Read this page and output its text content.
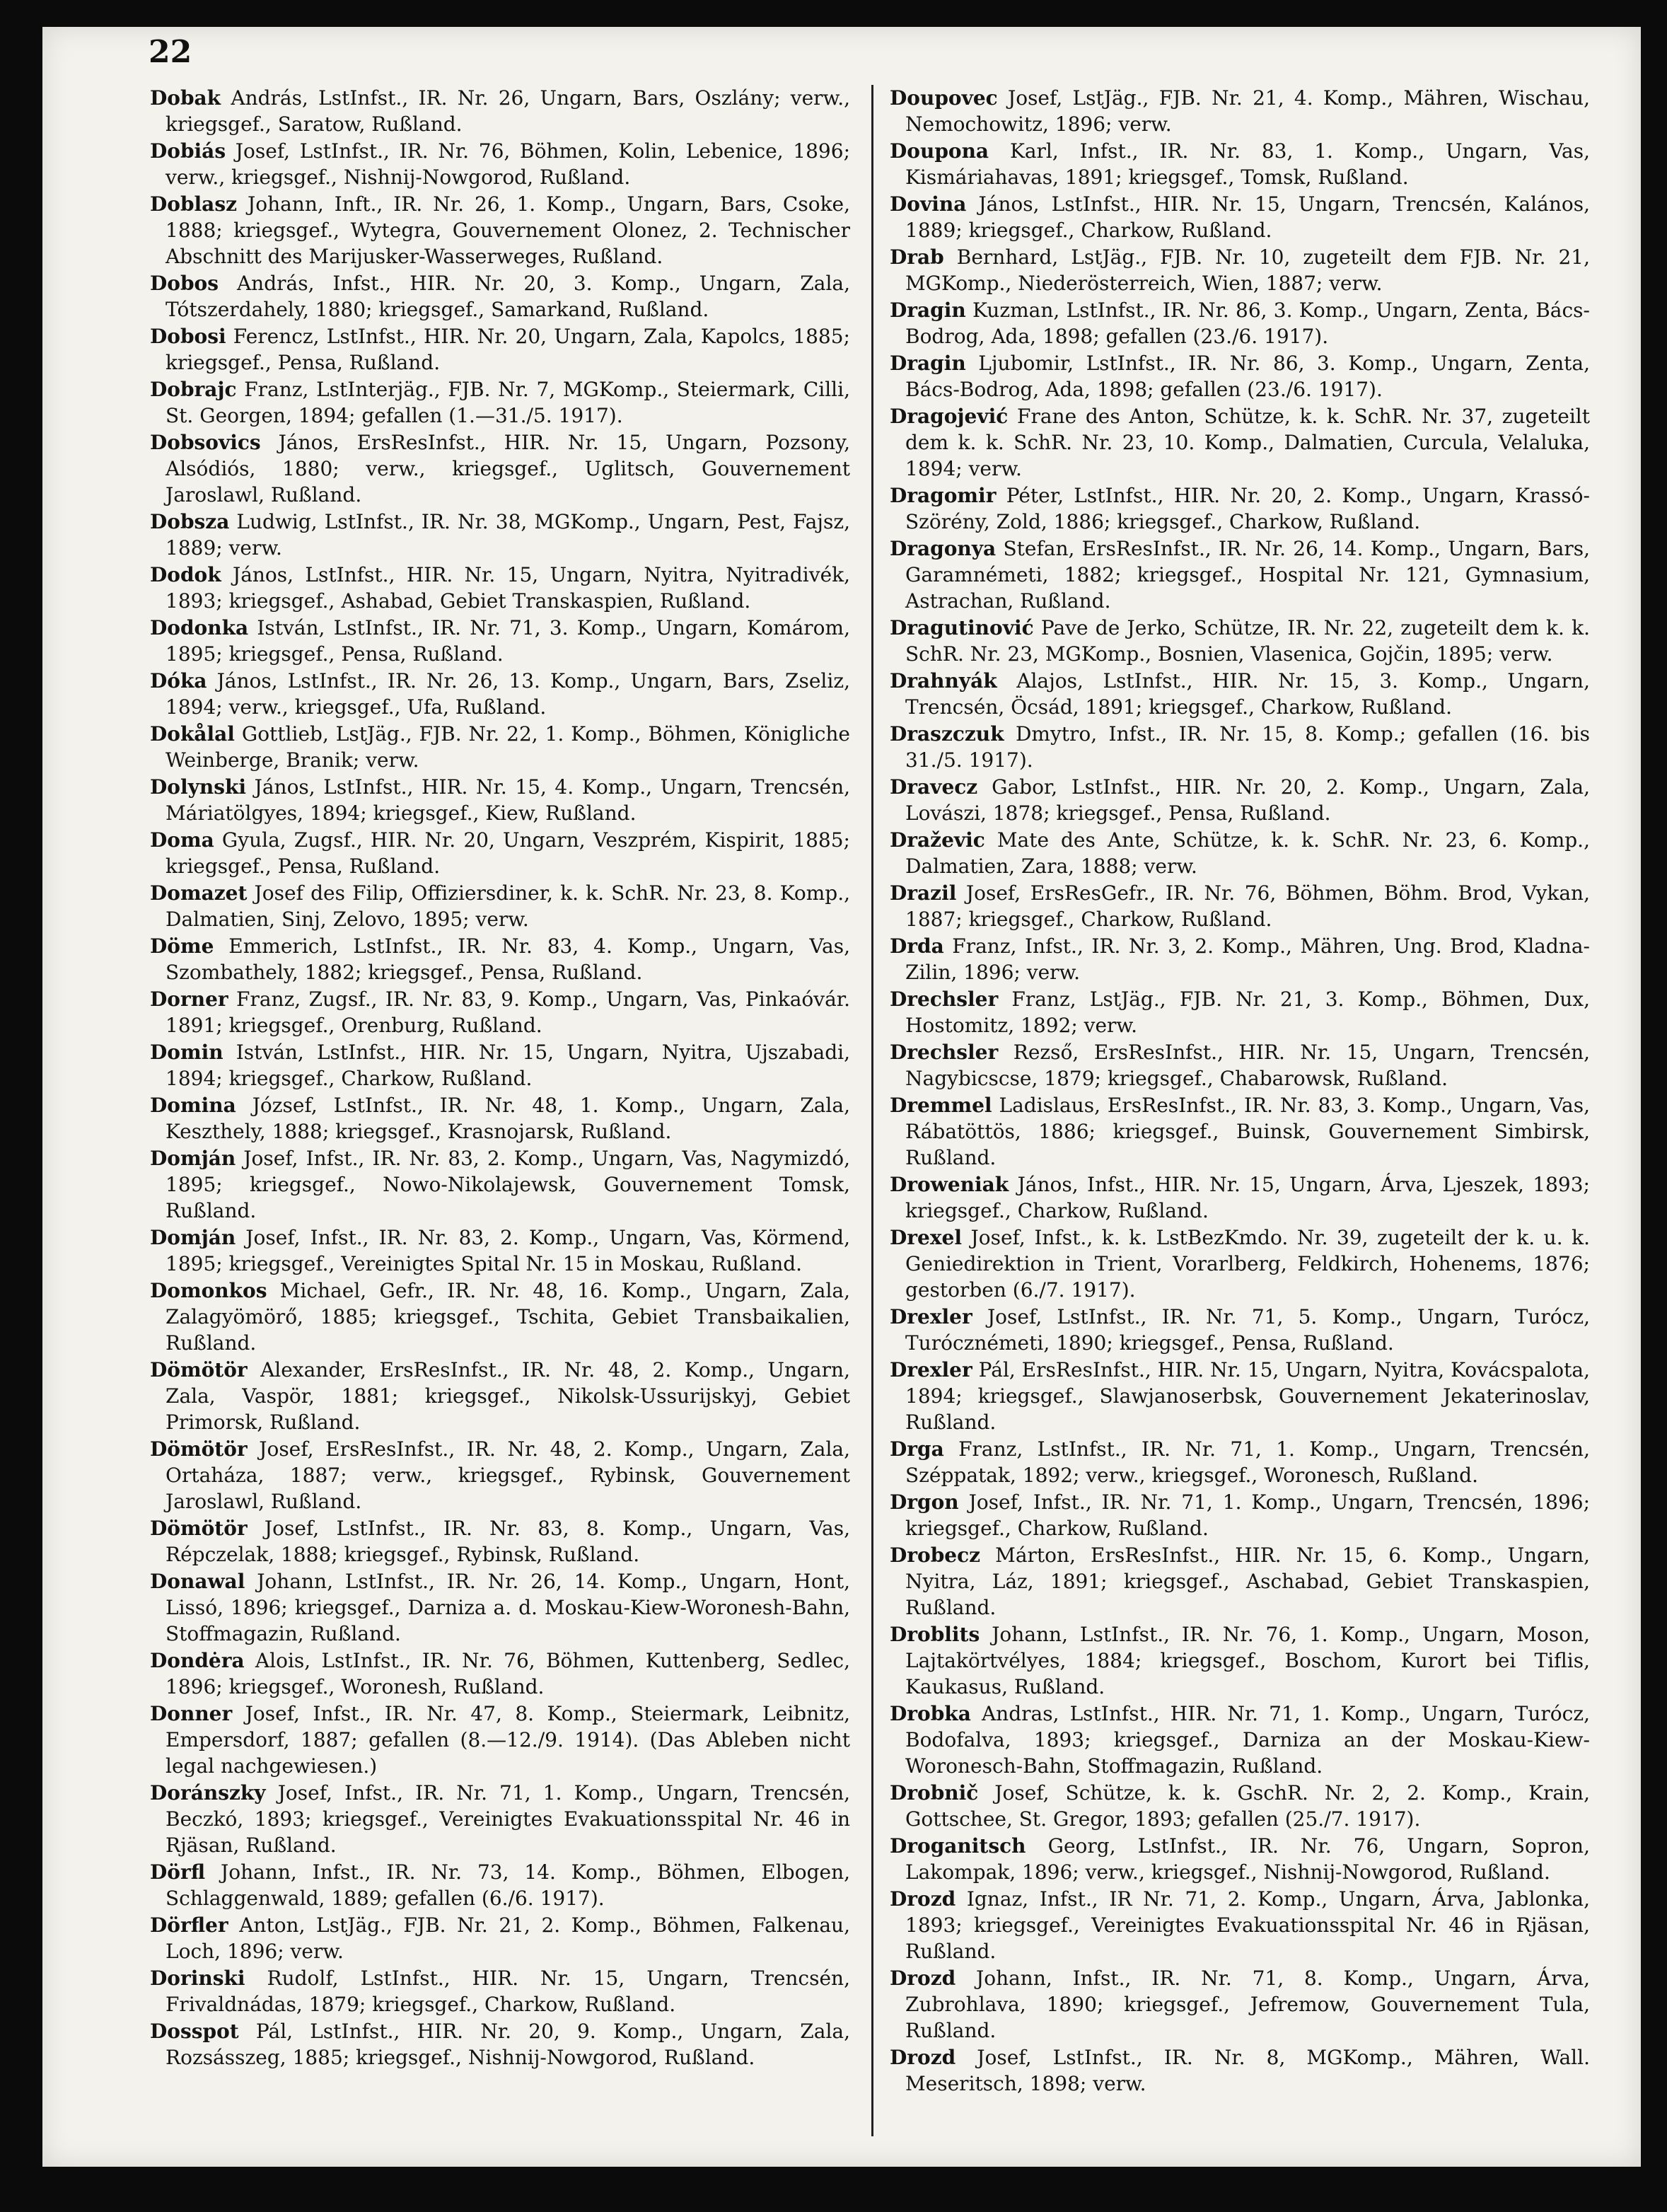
22
Dobak András, LstInfst., IR. Nr. 26, Ungarn, Bars, Oszlány; verw., kriegsgef., Saratow, Rußland.
Dobiás Josef, LstInfst., IR. Nr. 76, Böhmen, Kolin, Lebenice, 1896; verw., kriegsgef., Nishnij-Nowgorod, Rußland.
Doblasz Johann, Inft., IR. Nr. 26, 1. Komp., Ungarn, Bars, Csoke, 1888; kriegsgef., Wytegra, Gouvernement Olonez, 2. Technischer Abschnitt des Marijusker-Wasserweges, Rußland.
Dobos András, Infst., HIR. Nr. 20, 3. Komp., Ungarn, Zala, Tótszerdahely, 1880; kriegsgef., Samarkand, Rußland.
Dobosi Ferencz, LstInfst., HIR. Nr. 20, Ungarn, Zala, Kapolcs, 1885; kriegsgef., Pensa, Rußland.
Dobrajc Franz, LstInterjäg., FJB. Nr. 7, MGKomp., Steiermark, Cilli, St. Georgen, 1894; gefallen (1.—31./5. 1917).
Dobsovics János, ErsResInfst., HIR. Nr. 15, Ungarn, Pozsony, Alsódiós, 1880; verw., kriegsgef., Uglitsch, Gouvernement Jaroslawl, Rußland.
Dobsza Ludwig, LstInfst., IR. Nr. 38, MGKomp., Ungarn, Pest, Fajsz, 1889; verw.
Dodok János, LstInfst., HIR. Nr. 15, Ungarn, Nyitra, Nyitradivék, 1893; kriegsgef., Ashabad, Gebiet Transkaspien, Rußland.
Dodonka István, LstInfst., IR. Nr. 71, 3. Komp., Ungarn, Komárom, 1895; kriegsgef., Pensa, Rußland.
Dóka János, LstInfst., IR. Nr. 26, 13. Komp., Ungarn, Bars, Zseliz, 1894; verw., kriegsgef., Ufa, Rußland.
Dokålal Gottlieb, LstJäg., FJB. Nr. 22, 1. Komp., Böhmen, Königliche Weinberge, Branik; verw.
Dolynski János, LstInfst., HIR. Nr. 15, 4. Komp., Ungarn, Trencsén, Máriatölgyes, 1894; kriegsgef., Kiew, Rußland.
Doma Gyula, Zugsf., HIR. Nr. 20, Ungarn, Veszprém, Kispirit, 1885; kriegsgef., Pensa, Rußland.
Domazet Josef des Filip, Offiziersdiner, k. k. SchR. Nr. 23, 8. Komp., Dalmatien, Sinj, Zelovo, 1895; verw.
Döme Emmerich, LstInfst., IR. Nr. 83, 4. Komp., Ungarn, Vas, Szombathely, 1882; kriegsgef., Pensa, Rußland.
Dorner Franz, Zugsf., IR. Nr. 83, 9. Komp., Ungarn, Vas, Pinkaóvár. 1891; kriegsgef., Orenburg, Rußland.
Domin István, LstInfst., HIR. Nr. 15, Ungarn, Nyitra, Ujszabadi, 1894; kriegsgef., Charkow, Rußland.
Domina József, LstInfst., IR. Nr. 48, 1. Komp., Ungarn, Zala, Keszthely, 1888; kriegsgef., Krasnojarsk, Rußland.
Domján Josef, Infst., IR. Nr. 83, 2. Komp., Ungarn, Vas, Nagymizdó, 1895; kriegsgef., Nowo-Nikolajewsk, Gouvernement Tomsk, Rußland.
Domján Josef, Infst., IR. Nr. 83, 2. Komp., Ungarn, Vas, Körmend, 1895; kriegsgef., Vereinigtes Spital Nr. 15 in Moskau, Rußland.
Domonkos Michael, Gefr., IR. Nr. 48, 16. Komp., Ungarn, Zala, Zalagyömörő, 1885; kriegsgef., Tschita, Gebiet Transbaikalien, Rußland.
Dömötör Alexander, ErsResInfst., IR. Nr. 48, 2. Komp., Ungarn, Zala, Vaspör, 1881; kriegsgef., Nikolsk-Ussurijskyj, Gebiet Primorsk, Rußland.
Dömötör Josef, ErsResInfst., IR. Nr. 48, 2. Komp., Ungarn, Zala, Ortaháza, 1887; verw., kriegsgef., Rybinsk, Gouvernement Jaroslawl, Rußland.
Dömötör Josef, LstInfst., IR. Nr. 83, 8. Komp., Ungarn, Vas, Répczelak, 1888; kriegsgef., Rybinsk, Rußland.
Donawal Johann, LstInfst., IR. Nr. 26, 14. Komp., Ungarn, Hont, Lissó, 1896; kriegsgef., Darniza a. d. Moskau-Kiew-Woronesh-Bahn, Stoffmagazin, Rußland.
Dondėra Alois, LstInfst., IR. Nr. 76, Böhmen, Kuttenberg, Sedlec, 1896; kriegsgef., Woronesh, Rußland.
Donner Josef, Infst., IR. Nr. 47, 8. Komp., Steiermark, Leibnitz, Empersdorf, 1887; gefallen (8.—12./9. 1914). (Das Ableben nicht legal nachgewiesen.)
Doránszky Josef, Infst., IR. Nr. 71, 1. Komp., Ungarn, Trencsén, Beczkó, 1893; kriegsgef., Vereinigtes Evakuationsspital Nr. 46 in Rjäsan, Rußland.
Dörfl Johann, Infst., IR. Nr. 73, 14. Komp., Böhmen, Elbogen, Schlaggenwald, 1889; gefallen (6./6. 1917).
Dörfler Anton, LstJäg., FJB. Nr. 21, 2. Komp., Böhmen, Falkenau, Loch, 1896; verw.
Dorinski Rudolf, LstInfst., HIR. Nr. 15, Ungarn, Trencsén, Frivaldnádas, 1879; kriegsgef., Charkow, Rußland.
Dosspot Pál, LstInfst., HIR. Nr. 20, 9. Komp., Ungarn, Zala, Rozsásszeg, 1885; kriegsgef., Nishnij-Nowgorod, Rußland.
Doupovec Josef, LstJäg., FJB. Nr. 21, 4. Komp., Mähren, Wischau, Nemochowitz, 1896; verw.
Doupona Karl, Infst., IR. Nr. 83, 1. Komp., Ungarn, Vas, Kismáriahavas, 1891; kriegsgef., Tomsk, Rußland.
Dovina János, LstInfst., HIR. Nr. 15, Ungarn, Trencsén, Kalános, 1889; kriegsgef., Charkow, Rußland.
Drab Bernhard, LstJäg., FJB. Nr. 10, zugeteilt dem FJB. Nr. 21, MGKomp., Niederösterreich, Wien, 1887; verw.
Dragin Kuzman, LstInfst., IR. Nr. 86, 3. Komp., Ungarn, Zenta, Bács-Bodrog, Ada, 1898; gefallen (23./6. 1917).
Dragin Ljubomir, LstInfst., IR. Nr. 86, 3. Komp., Ungarn, Zenta, Bács-Bodrog, Ada, 1898; gefallen (23./6. 1917).
Dragojević Frane des Anton, Schütze, k. k. SchR. Nr. 37, zugeteilt dem k. k. SchR. Nr. 23, 10. Komp., Dalmatien, Curcula, Velaluka, 1894; verw.
Dragomir Péter, LstInfst., HIR. Nr. 20, 2. Komp., Ungarn, Krassó-Szörény, Zold, 1886; kriegsgef., Charkow, Rußland.
Dragonya Stefan, ErsResInfst., IR. Nr. 26, 14. Komp., Ungarn, Bars, Garamnémeti, 1882; kriegsgef., Hospital Nr. 121, Gymnasium, Astrachan, Rußland.
Dragutinović Pave de Jerko, Schütze, IR. Nr. 22, zugeteilt dem k. k. SchR. Nr. 23, MGKomp., Bosnien, Vlasenica, Gojčin, 1895; verw.
Drahnyák Alajos, LstInfst., HIR. Nr. 15, 3. Komp., Ungarn, Trencsén, Öcsád, 1891; kriegsgef., Charkow, Rußland.
Draszczuk Dmytro, Infst., IR. Nr. 15, 8. Komp.; gefallen (16. bis 31./5. 1917).
Dravecz Gabor, LstInfst., HIR. Nr. 20, 2. Komp., Ungarn, Zala, Lovászi, 1878; kriegsgef., Pensa, Rußland.
Draževic Mate des Ante, Schütze, k. k. SchR. Nr. 23, 6. Komp., Dalmatien, Zara, 1888; verw.
Drazil Josef, ErsResGefr., IR. Nr. 76, Böhmen, Böhm. Brod, Vykan, 1887; kriegsgef., Charkow, Rußland.
Drda Franz, Infst., IR. Nr. 3, 2. Komp., Mähren, Ung. Brod, Kladna-Zilin, 1896; verw.
Drechsler Franz, LstJäg., FJB. Nr. 21, 3. Komp., Böhmen, Dux, Hostomitz, 1892; verw.
Drechsler Rezső, ErsResInfst., HIR. Nr. 15, Ungarn, Trencsén, Nagybicscse, 1879; kriegsgef., Chabarowsk, Rußland.
Dremmel Ladislaus, ErsResInfst., IR. Nr. 83, 3. Komp., Ungarn, Vas, Rábatöttös, 1886; kriegsgef., Buinsk, Gouvernement Simbirsk, Rußland.
Droweniak János, Infst., HIR. Nr. 15, Ungarn, Árva, Ljeszek, 1893; kriegsgef., Charkow, Rußland.
Drexel Josef, Infst., k. k. LstBezKmdo. Nr. 39, zugeteilt der k. u. k. Geniedirektion in Trient, Vorarlberg, Feldkirch, Hohenems, 1876; gestorben (6./7. 1917).
Drexler Josef, LstInfst., IR. Nr. 71, 5. Komp., Ungarn, Turócz, Turócznémeti, 1890; kriegsgef., Pensa, Rußland.
Drexler Pál, ErsResInfst., HIR. Nr. 15, Ungarn, Nyitra, Kovácspalota, 1894; kriegsgef., Slawjanoserbsk, Gouvernement Jekaterinoslav, Rußland.
Drga Franz, LstInfst., IR. Nr. 71, 1. Komp., Ungarn, Trencsén, Széppatak, 1892; verw., kriegsgef., Woronesch, Rußland.
Drgon Josef, Infst., IR. Nr. 71, 1. Komp., Ungarn, Trencsén, 1896; kriegsgef., Charkow, Rußland.
Drobecz Márton, ErsResInfst., HIR. Nr. 15, 6. Komp., Ungarn, Nyitra, Láz, 1891; kriegsgef., Aschabad, Gebiet Transkaspien, Rußland.
Droblits Johann, LstInfst., IR. Nr. 76, 1. Komp., Ungarn, Moson, Lajtakörtvélyes, 1884; kriegsgef., Boschom, Kurort bei Tiflis, Kaukasus, Rußland.
Drobka Andras, LstInfst., HIR. Nr. 71, 1. Komp., Ungarn, Turócz, Bodofalva, 1893; kriegsgef., Darniza an der Moskau-Kiew-Woronesch-Bahn, Stoffmagazin, Rußland.
Drobnič Josef, Schütze, k. k. GschR. Nr. 2, 2. Komp., Krain, Gottschee, St. Gregor, 1893; gefallen (25./7. 1917).
Droganitsch Georg, LstInfst., IR. Nr. 76, Ungarn, Sopron, Lakompak, 1896; verw., kriegsgef., Nishnij-Nowgorod, Rußland.
Drozd Ignaz, Infst., IR Nr. 71, 2. Komp., Ungarn, Árva, Jablonka, 1893; kriegsgef., Vereinigtes Evakuationsspital Nr. 46 in Rjäsan, Rußland.
Drozd Johann, Infst., IR. Nr. 71, 8. Komp., Ungarn, Árva, Zubrohlava, 1890; kriegsgef., Jefremow, Gouvernement Tula, Rußland.
Drozd Josef, LstInfst., IR. Nr. 8, MGKomp., Mähren, Wall. Meseritsch, 1898; verw.
